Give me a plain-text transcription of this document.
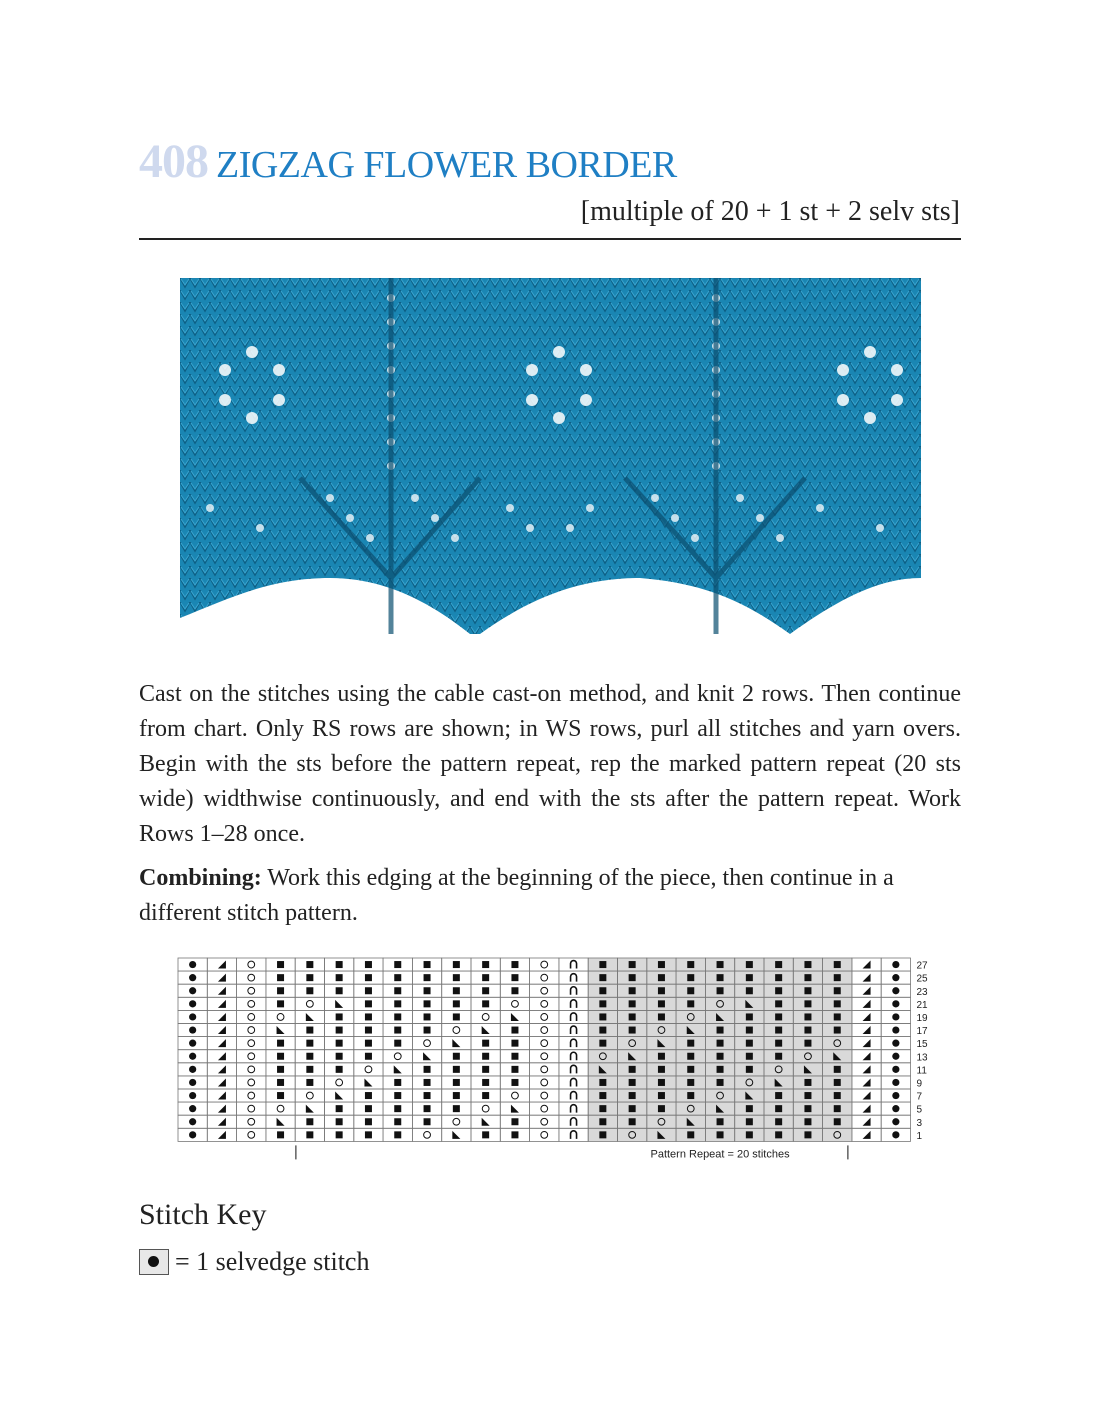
408 ZIGZAG FLOWER BORDER
[multiple of 20 + 1 st + 2 selv sts]
Cast on the stitches using the cable cast-on method, and knit 2 rows. Then continue from chart. Only RS rows are shown; in WS rows, purl all stitches and yarn overs. Begin with the sts before the pattern repeat, rep the marked pattern repeat (20 sts wide) widthwise continuously, and end with the sts after the pattern repeat. Work Rows 1–28 once.
Combining: Work this edging at the beginning of the piece, then continue in a different stitch pattern.
27
25
23
21
19
17
15
13
11
9
7
5
3
1
Pattern Repeat = 20 stitches
Stitch Key
= 1 selvedge stitch
